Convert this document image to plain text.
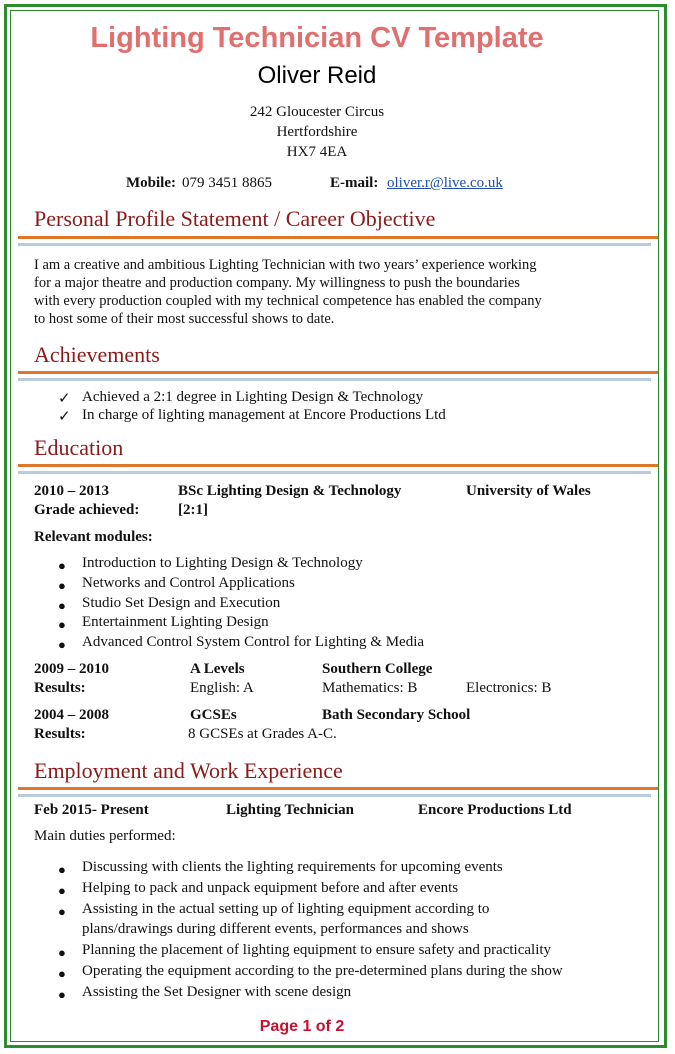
Lighting Technician CV Template
Oliver Reid
242 Gloucester Circus
Hertfordshire
HX7 4EA
Mobile: 079 3451 8865	E-mail: oliver.r@live.co.uk
Personal Profile Statement / Career Objective
I am a creative and ambitious Lighting Technician with two years’ experience working
for a major theatre and production company. My willingness to push the boundaries
with every production coupled with my technical competence has enabled the company
to host some of their most successful shows to date.
Achievements
✓ Achieved a 2:1 degree in Lighting Design & Technology
✓ In charge of lighting management at Encore Productions Ltd
Education
2010 – 2013	BSc Lighting Design & Technology	University of Wales
Grade achieved:	[2:1]
Relevant modules:
● Introduction to Lighting Design & Technology
● Networks and Control Applications
● Studio Set Design and Execution
● Entertainment Lighting Design
● Advanced Control System Control for Lighting & Media
2009 – 2010	A Levels	Southern College
Results:	English: A	Mathematics: B	Electronics: B
2004 – 2008	GCSEs	Bath Secondary School
Results:	8 GCSEs at Grades A-C.
Employment and Work Experience
Feb 2015- Present	Lighting Technician	Encore Productions Ltd
Main duties performed:
● Discussing with clients the lighting requirements for upcoming events
● Helping to pack and unpack equipment before and after events
● Assisting in the actual setting up of lighting equipment according to
plans/drawings during different events, performances and shows
● Planning the placement of lighting equipment to ensure safety and practicality
● Operating the equipment according to the pre-determined plans during the show
● Assisting the Set Designer with scene design
Page 1 of 2
